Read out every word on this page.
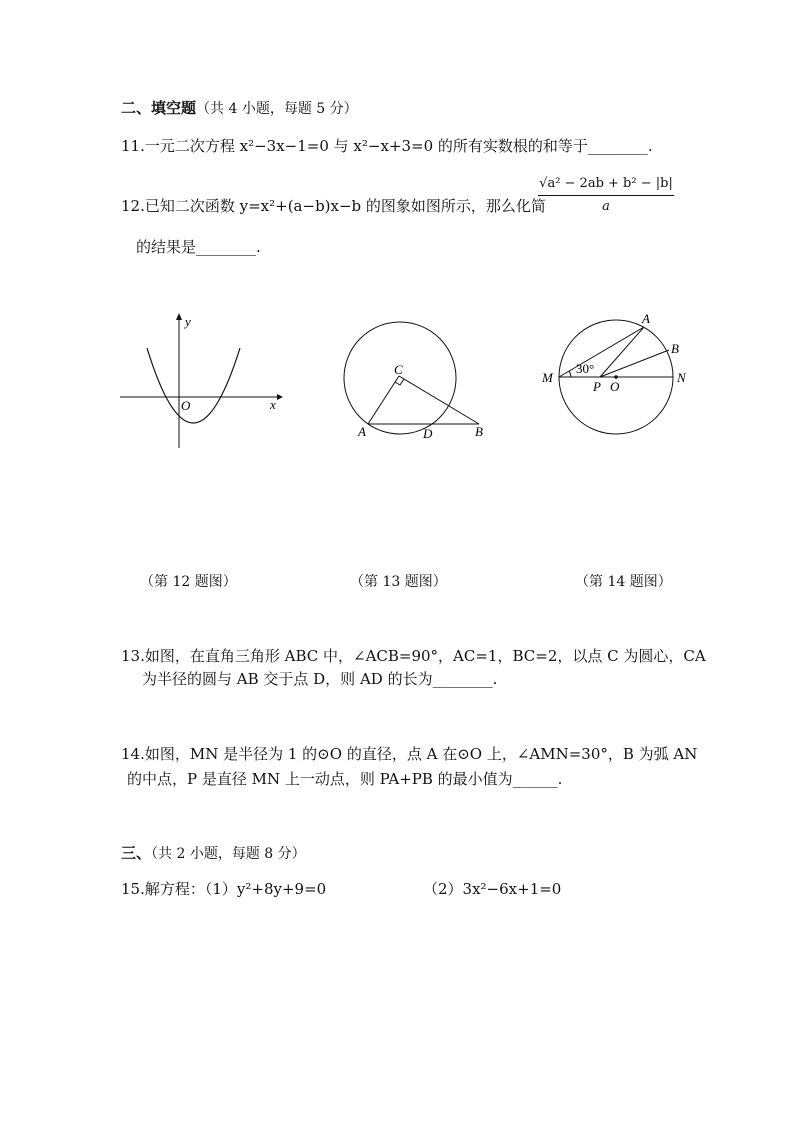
二、填空题（共 4 小题，每题 5 分）
11.一元二次方程 x²−3x−1=0 与 x²−x+3=0 的所有实数根的和等于________.
12.已知二次函数 y=x²+(a−b)x−b 的图象如图所示，那么化简
$\frac{\text{√a² − 2ab + b² − |b|}}{a}$
的结果是________.
y
x
O
C
A	D	B
A
B
M
30°
P O
N
（第 12 题图）	（第 13 题图）	（第 14 题图）
13.如图，在直角三角形 ABC 中，∠ACB=90°，AC=1，BC=2，以点 C 为圆心，CA
为半径的圆与 AB 交于点 D，则 AD 的长为________.
14.如图，MN 是半径为 1 的⊙O 的直径，点 A 在⊙O 上，∠AMN=30°，B 为弧 AN
的中点，P 是直径 MN 上一动点，则 PA+PB 的最小值为______.
三、（共 2 小题，每题 8 分）
15.解方程：（1）y²+8y+9=0	（2）3x²−6x+1=0
